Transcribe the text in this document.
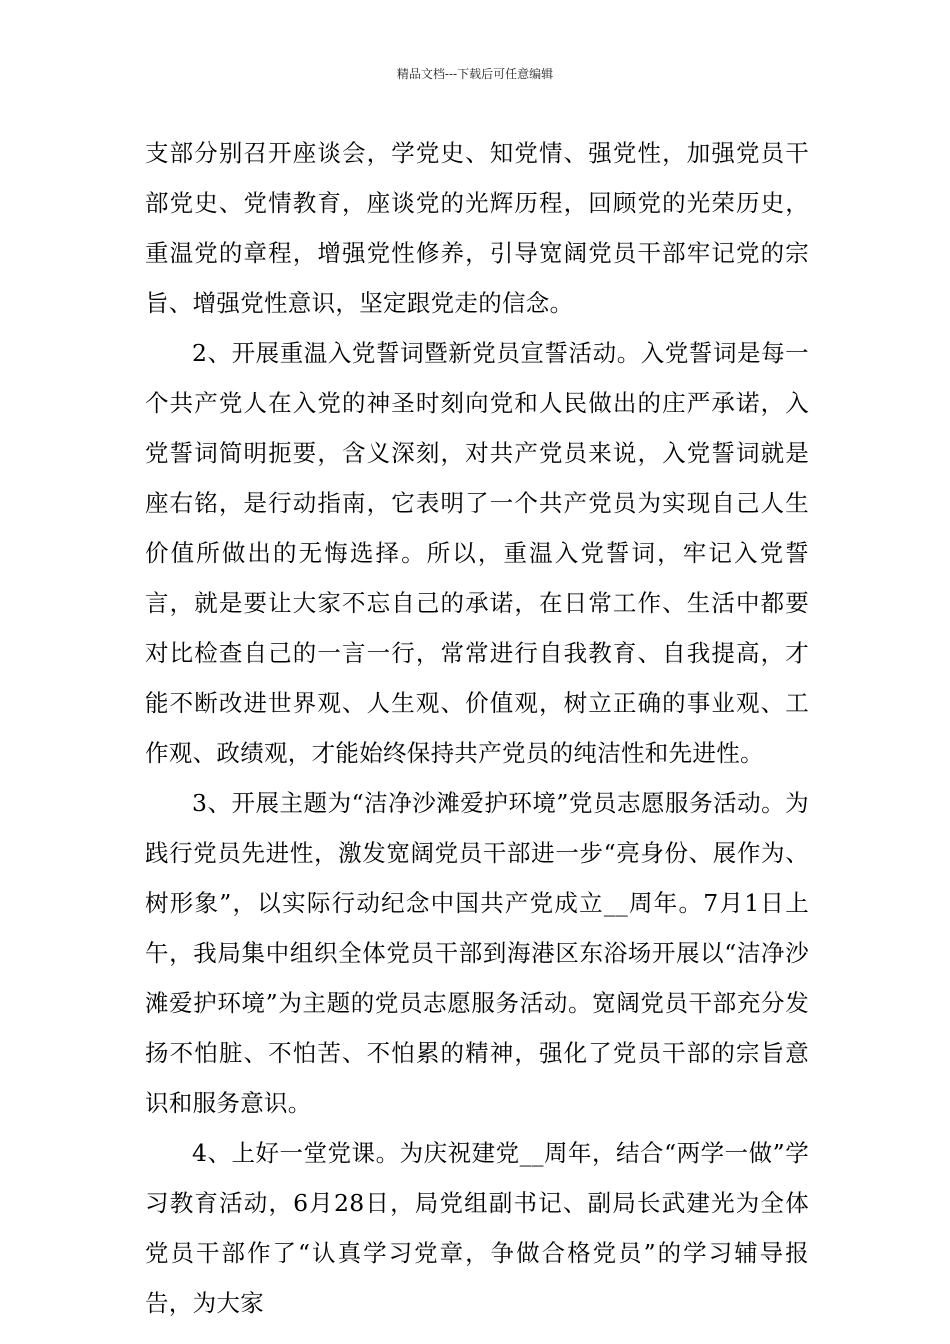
精品文档---下载后可任意编辑

支部分别召开座谈会，学党史、知党情、强党性，加强党员干部党史、党情教育，座谈党的光辉历程，回顾党的光荣历史，重温党的章程，增强党性修养，引导宽阔党员干部牢记党的宗旨、增强党性意识，坚定跟党走的信念。

2、开展重温入党誓词暨新党员宣誓活动。入党誓词是每一个共产党人在入党的神圣时刻向党和人民做出的庄严承诺，入党誓词简明扼要，含义深刻，对共产党员来说，入党誓词就是座右铭，是行动指南，它表明了一个共产党员为实现自己人生价值所做出的无悔选择。所以，重温入党誓词，牢记入党誓言，就是要让大家不忘自己的承诺，在日常工作、生活中都要对比检查自己的一言一行，常常进行自我教育、自我提高，才能不断改进世界观、人生观、价值观，树立正确的事业观、工作观、政绩观，才能始终保持共产党员的纯洁性和先进性。

3、开展主题为“洁净沙滩爱护环境”党员志愿服务活动。为践行党员先进性，激发宽阔党员干部进一步“亮身份、展作为、树形象”，以实际行动纪念中国共产党成立__周年。7月1日上午，我局集中组织全体党员干部到海港区东浴场开展以“洁净沙滩爱护环境”为主题的党员志愿服务活动。宽阔党员干部充分发扬不怕脏、不怕苦、不怕累的精神，强化了党员干部的宗旨意识和服务意识。

4、上好一堂党课。为庆祝建党__周年，结合“两学一做”学习教育活动，6月28日，局党组副书记、副局长武建光为全体党员干部作了“认真学习党章，争做合格党员”的学习辅导报告，为大家
